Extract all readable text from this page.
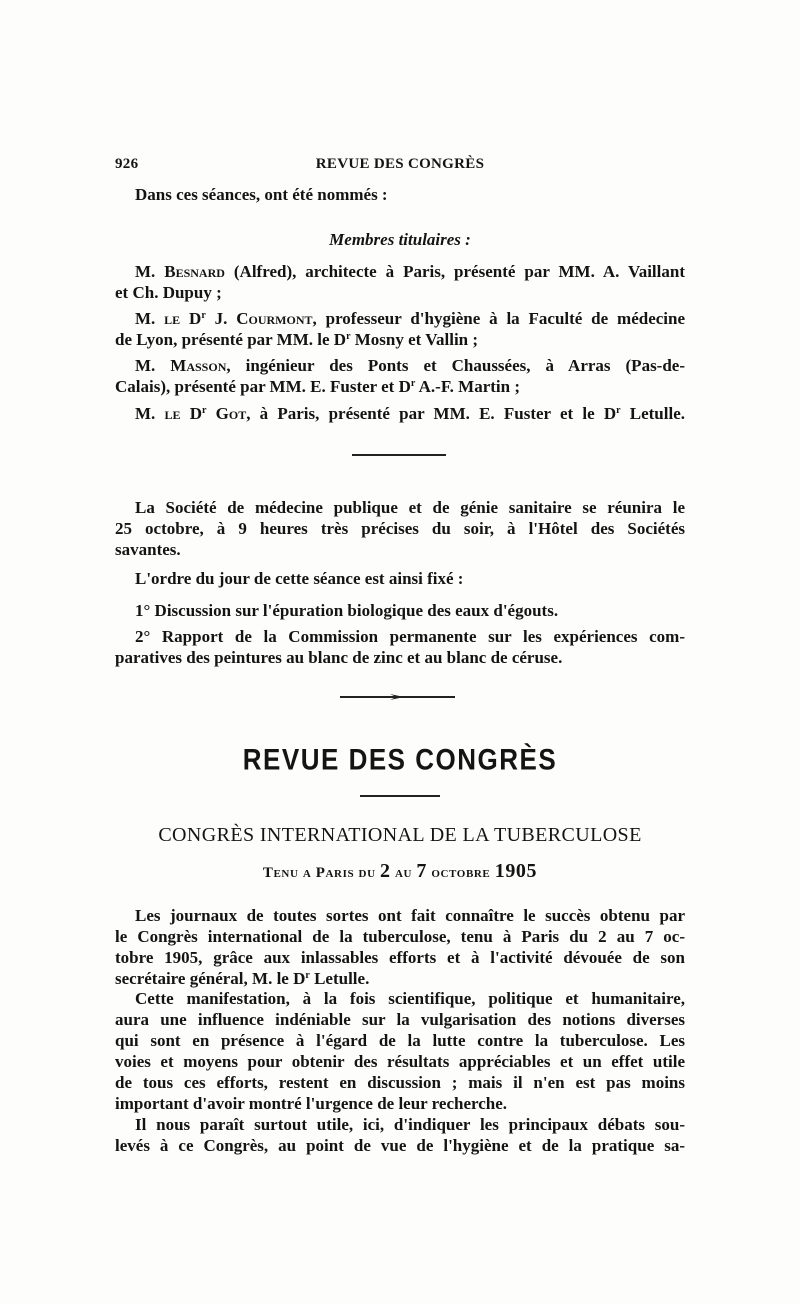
926	REVUE DES CONGRÈS
Dans ces séances, ont été nommés :
Membres titulaires :
M. Besnard (Alfred), architecte à Paris, présenté par MM. A. Vaillant
et Ch. Dupuy ;
M. le $D^r$ J. Courmont, professeur d'hygiène à la Faculté de médecine
de Lyon, présenté par MM. le $D^r$ Mosny et Vallin ;
M. Masson, ingénieur des Ponts et Chaussées, à Arras (Pas-de-
Calais), présenté par MM. E. Fuster et $D^r$ A.-F. Martin ;
M. le $D^r$ Got, à Paris, présenté par MM. E. Fuster et le $D^r$ Letulle.
La Société de médecine publique et de génie sanitaire se réunira le
25 octobre, à 9 heures très précises du soir, à l'Hôtel des Sociétés
savantes.
L'ordre du jour de cette séance est ainsi fixé :
1° Discussion sur l'épuration biologique des eaux d'égouts.
2° Rapport de la Commission permanente sur les expériences com-
paratives des peintures au blanc de zinc et au blanc de céruse.
REVUE DES CONGRÈS
CONGRÈS INTERNATIONAL DE LA TUBERCULOSE
Tenu a Paris du 2 au 7 octobre 1905
Les journaux de toutes sortes ont fait connaître le succès obtenu par
le Congrès international de la tuberculose, tenu à Paris du 2 au 7 oc-
tobre 1905, grâce aux inlassables efforts et à l'activité dévouée de son
secrétaire général, M. le $D^r$ Letulle.
Cette manifestation, à la fois scientifique, politique et humanitaire,
aura une influence indéniable sur la vulgarisation des notions diverses
qui sont en présence à l'égard de la lutte contre la tuberculose. Les
voies et moyens pour obtenir des résultats appréciables et un effet utile
de tous ces efforts, restent en discussion ; mais il n'en est pas moins
important d'avoir montré l'urgence de leur recherche.
Il nous paraît surtout utile, ici, d'indiquer les principaux débats sou-
levés à ce Congrès, au point de vue de l'hygiène et de la pratique sa-
